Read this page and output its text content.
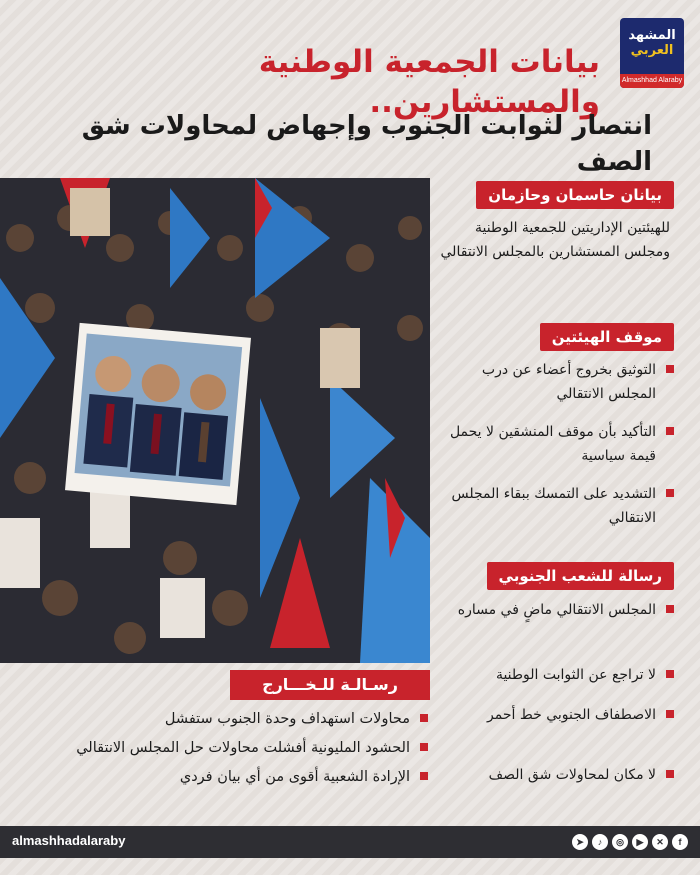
المشهد
العربي
Almashhad Alaraby
بيانات الجمعية الوطنية والمستشارين..
انتصار لثوابت الجنوب وإجهاض لمحاولات شق الصف
بيانان حاسمان وحازمان
للهيئتين الإداريتين للجمعية الوطنية ومجلس المستشارين بالمجلس الانتقالي
موقف الهيئتين
التوثيق بخروج أعضاء عن درب المجلس الانتقالي
التأكيد بأن موقف المنشقين لا يحمل قيمة سياسية
التشديد على التمسك ببقاء المجلس الانتقالي
رسالة للشعب الجنوبي
المجلس الانتقالي ماضٍ في مساره
لا تراجع عن الثوابت الوطنية
الاصطفاف الجنوبي خط أحمر
لا مكان لمحاولات شق الصف
رسـالـة للـخـــارج
محاولات استهداف وحدة الجنوب ستفشل
الحشود المليونية أفشلت محاولات حل المجلس الانتقالي
الإرادة الشعبية أقوى من أي بيان فردي
almashhadalaraby	➤	♪	◎	▶	✕	f
